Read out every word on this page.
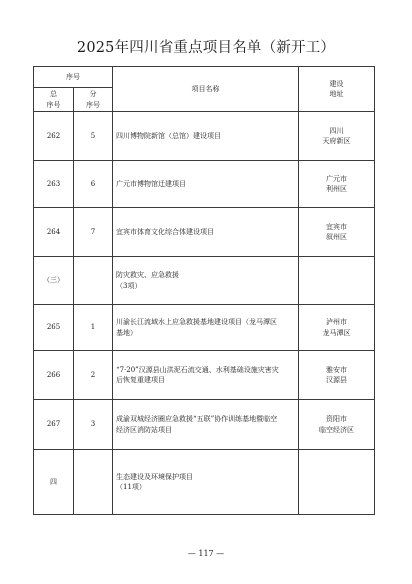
2025年四川省重点项目名单（新开工）
序号		项目名称	建设
地址

总
序号	分
序号		

262	5	四川博物院新馆（总馆）建设项目	四川
天府新区

263	6	广元市博物馆迁建项目	广元市
利州区

264	7	宜宾市体育文化综合体建设项目	宜宾市
叙州区

（三）		防灾救灾、应急救援
（3项）	

265	1	川渝长江流域水上应急救援基地建设项目（龙马潭区
基地）	泸州市
龙马潭区

266	2	“7·20”汉源县山洪泥石流交通、水利基础设施灾害灾
后恢复重建项目	雅安市
汉源县

267	3	成渝双城经济圈应急救援“五联”协作训练基地暨临空
经济区消防站项目	资阳市
临空经济区

四		生态建设及环境保护项目
（11项）	

— 117 —
